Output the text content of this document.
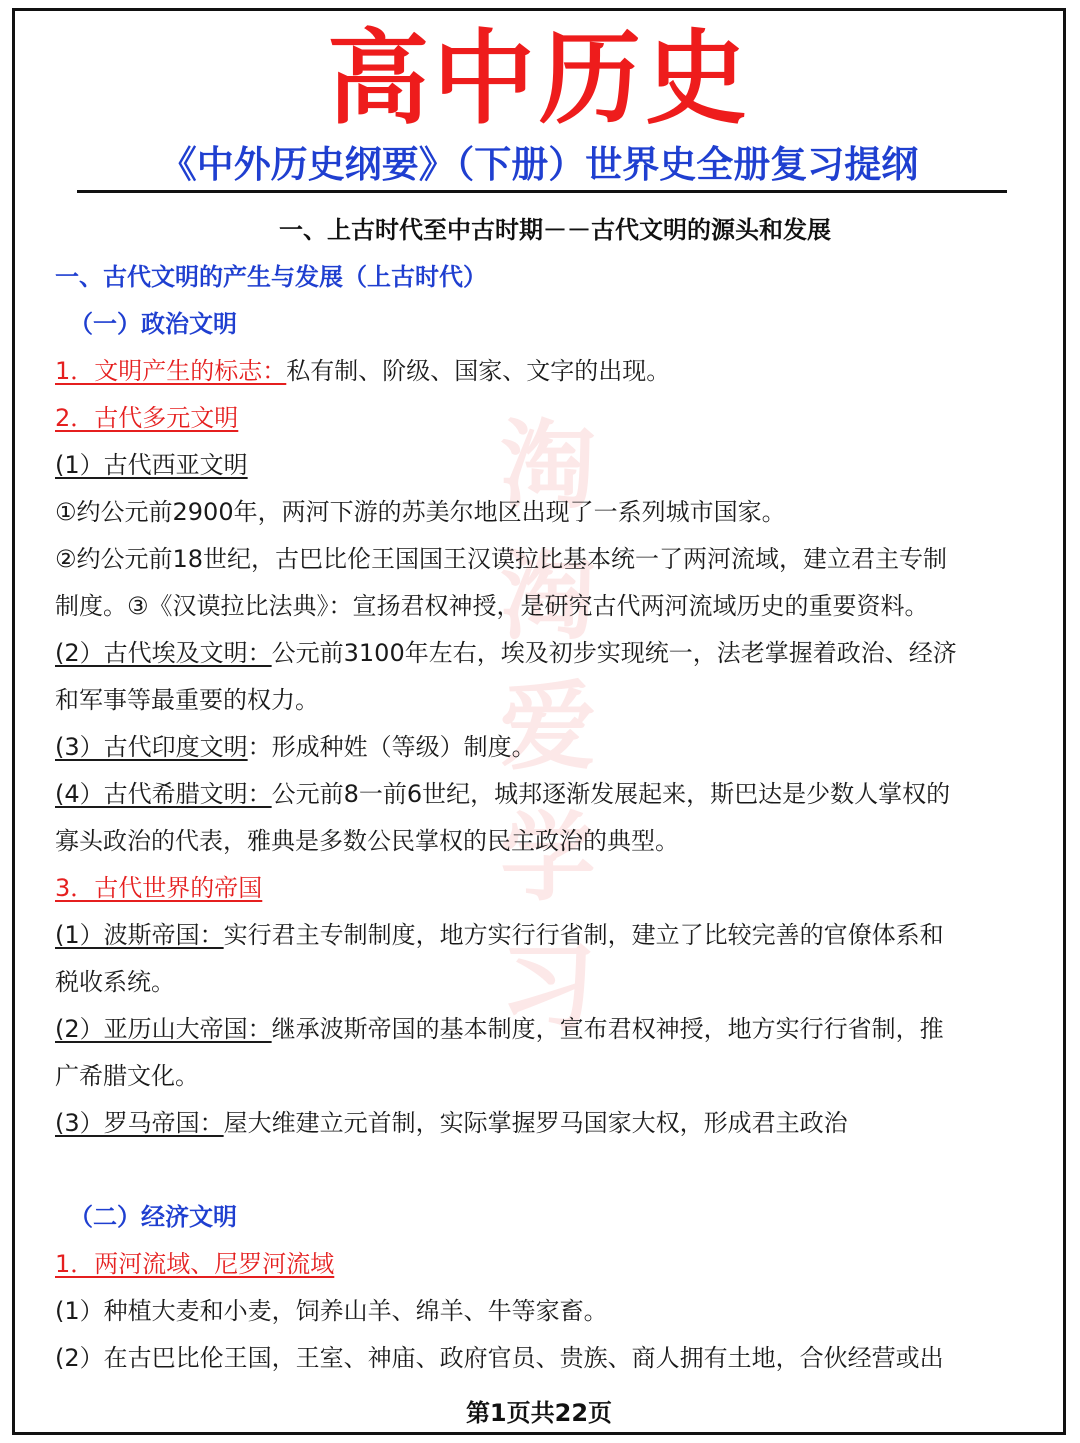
高中历史
《中外历史纲要》（下册）世界史全册复习提纲
淘
淘
爱
学
习
一、上古时代至中古时期－－古代文明的源头和发展
一、古代文明的产生与发展（上古时代）
（一）政治文明
1．文明产生的标志：私有制、阶级、国家、文字的出现。
2．古代多元文明
(1）古代西亚文明
①约公元前2900年，两河下游的苏美尔地区出现了一系列城市国家。
②约公元前18世纪，古巴比伦王国国王汉谟拉比基本统一了两河流域，建立君主专制
制度。③《汉谟拉比法典》：宣扬君权神授，是研究古代两河流域历史的重要资料。
(2）古代埃及文明：公元前3100年左右，埃及初步实现统一，法老掌握着政治、经济
和军事等最重要的权力。
(3）古代印度文明：形成种姓（等级）制度。
(4）古代希腊文明：公元前8一前6世纪，城邦逐渐发展起来，斯巴达是少数人掌权的
寡头政治的代表，雅典是多数公民掌权的民主政治的典型。
3．古代世界的帝国
(1）波斯帝国：实行君主专制制度，地方实行行省制，建立了比较完善的官僚体系和
税收系统。
(2）亚历山大帝国：继承波斯帝国的基本制度，宣布君权神授，地方实行行省制，推
广希腊文化。
(3）罗马帝国：屋大维建立元首制，实际掌握罗马国家大权，形成君主政治
（二）经济文明
1．两河流域、尼罗河流域
(1）种植大麦和小麦，饲养山羊、绵羊、牛等家畜。
(2）在古巴比伦王国，王室、神庙、政府官员、贵族、商人拥有土地，合伙经营或出
第1页共22页
